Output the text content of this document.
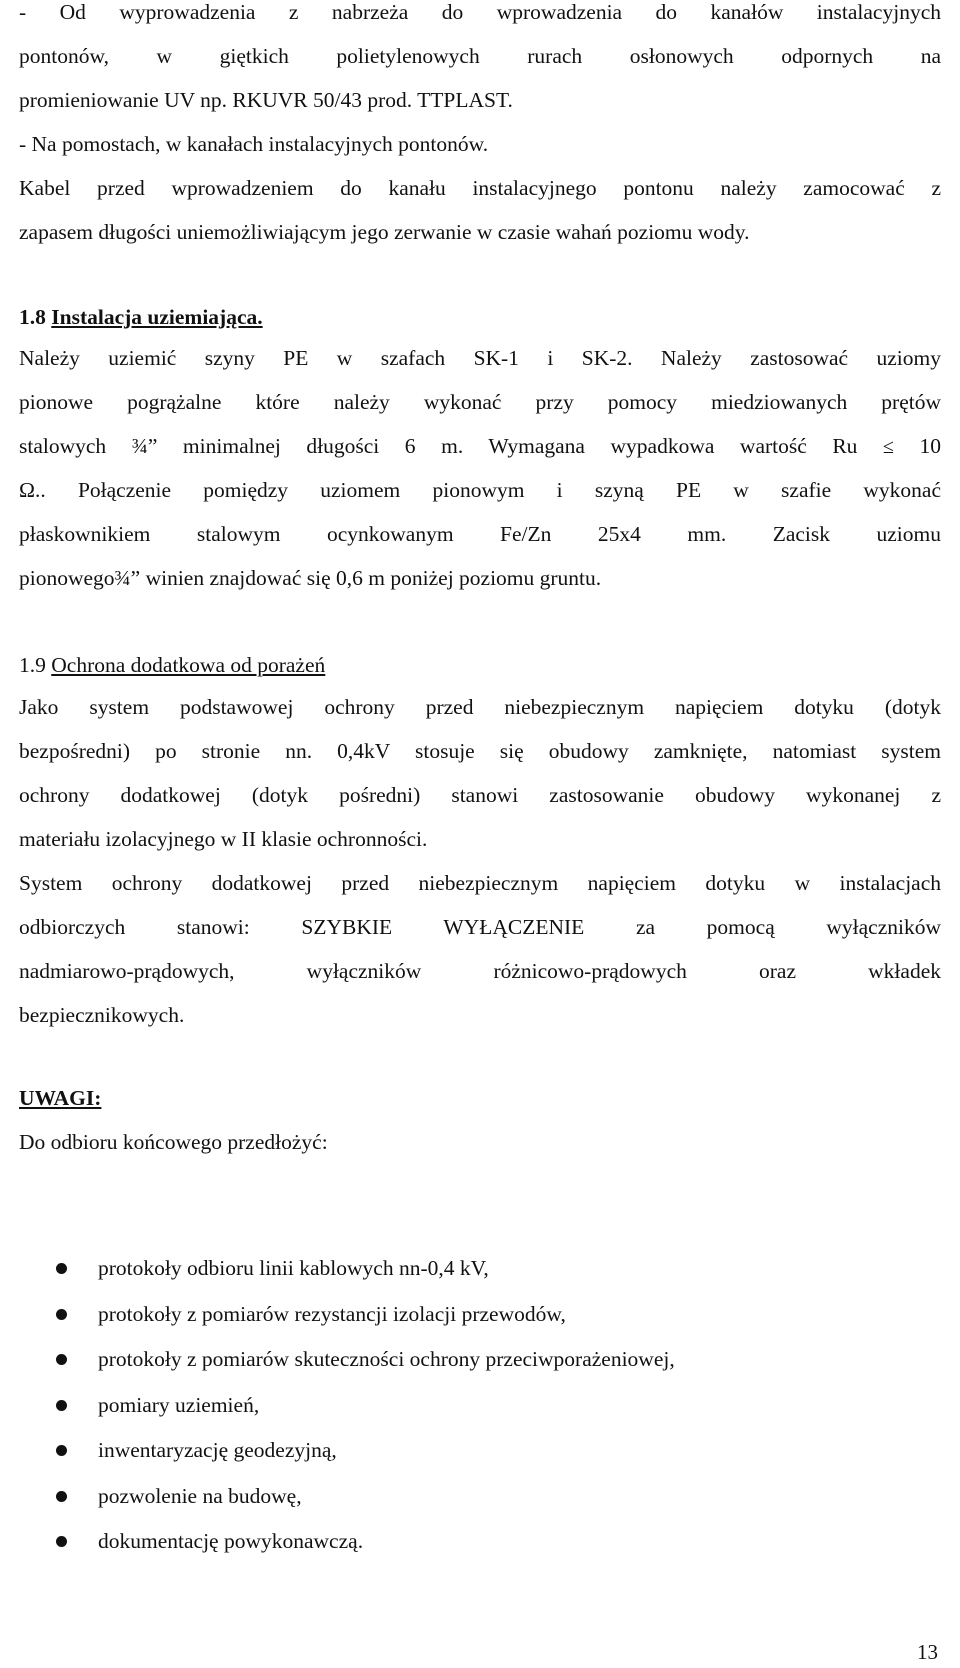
- Od wyprowadzenia z nabrzeża do wprowadzenia do kanałów instalacyjnych
pontonów, w giętkich polietylenowych rurach osłonowych odpornych na
promieniowanie UV np. RKUVR 50/43 prod. TTPLAST.
- Na pomostach, w kanałach instalacyjnych pontonów.
Kabel przed wprowadzeniem do kanału instalacyjnego pontonu należy zamocować z
zapasem długości uniemożliwiającym jego zerwanie w czasie wahań poziomu wody.
1.8 Instalacja uziemiająca.
Należy uziemić szyny PE w szafach SK-1 i SK-2. Należy zastosować uziomy
pionowe pogrążalne które należy wykonać przy pomocy miedziowanych prętów
stalowych ¾” minimalnej długości 6 m. Wymagana wypadkowa wartość Ru ≤ 10
Ω.. Połączenie pomiędzy uziomem pionowym i szyną PE w szafie wykonać
płaskownikiem stalowym ocynkowanym Fe/Zn 25x4 mm. Zacisk uziomu
pionowego¾” winien znajdować się 0,6 m poniżej poziomu gruntu.
1.9 Ochrona dodatkowa od porażeń
Jako system podstawowej ochrony przed niebezpiecznym napięciem dotyku (dotyk
bezpośredni) po stronie nn. 0,4kV stosuje się obudowy zamknięte, natomiast system
ochrony dodatkowej (dotyk pośredni) stanowi zastosowanie obudowy wykonanej z
materiału izolacyjnego w II klasie ochronności.
System ochrony dodatkowej przed niebezpiecznym napięciem dotyku w instalacjach
odbiorczych stanowi: SZYBKIE WYŁĄCZENIE za pomocą wyłączników
nadmiarowo-prądowych, wyłączników różnicowo-prądowych oraz wkładek
bezpiecznikowych.
UWAGI:
Do odbioru końcowego przedłożyć:
protokoły odbioru linii kablowych nn-0,4 kV,
protokoły z pomiarów rezystancji izolacji przewodów,
protokoły z pomiarów skuteczności ochrony przeciwporażeniowej,
pomiary uziemień,
inwentaryzację geodezyjną,
pozwolenie na budowę,
dokumentację powykonawczą.
13
